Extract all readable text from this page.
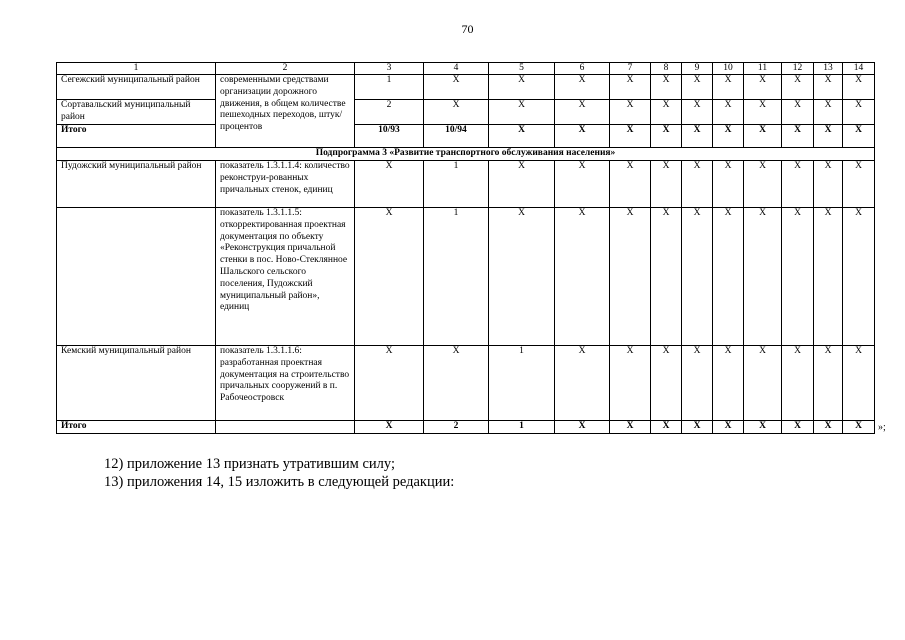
70
1	2	3	4	5	6	7	8	9	10	11	12	13	14
Сегежский муниципальный район	современными средствами организации дорожного движения, в общем количестве пешеходных переходов, штук/процентов	1	X	X	X	X	X	X	X	X	X	X	X
Сортавальский муниципальный район		2	X	X	X	X	X	X	X	X	X	X	X
Итого		10/93	10/94	X	X	X	X	X	X	X	X	X	X
Подпрограмма 3 «Развитие транспортного обслуживания населения»													
Пудожский муниципальный район	показатель 1.3.1.1.4: количество реконструи-рованных причальных стенок, единиц	X	1	X	X	X	X	X	X	X	X	X	X
	показатель 1.3.1.1.5: откорректированная проектная документация по объекту «Реконструкция причальной стенки в пос. Ново-Стеклянное Шальского сельского поселения, Пудожский муниципальный район», единиц	X	1	X	X	X	X	X	X	X	X	X	X
Кемский муниципальный район	показатель 1.3.1.1.6: разработанная проектная документация на строительство причальных сооружений в п. Рабочеостровск	X	X	1	X	X	X	X	X	X	X	X	X
Итого		X	2	1	X	X	X	X	X	X	X	X	X »;
12) приложение 13 признать утратившим силу;
13) приложения 14, 15 изложить в следующей редакции:
